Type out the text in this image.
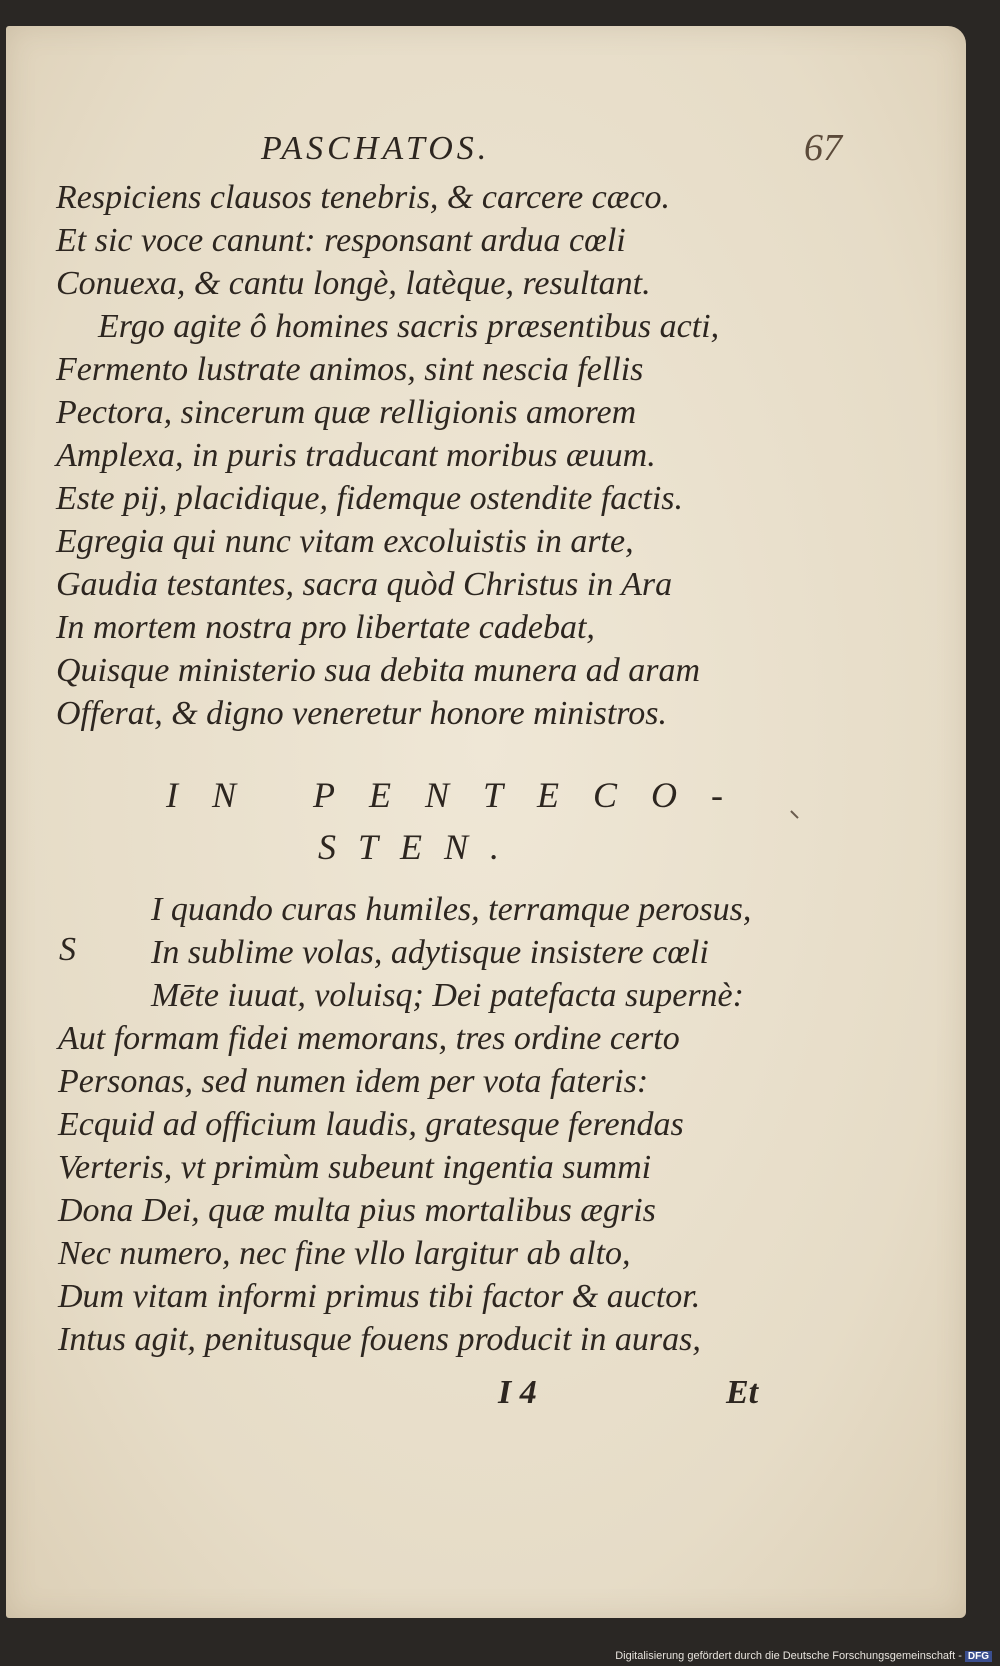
PASCHATOS.	67
Respiciens clausos tenebris, & carcere cæco.
Et sic voce canunt: responsant ardua cœli
Conuexa, & cantu longè, latèque, resultant.
Ergo agite ô homines sacris præsentibus acti,
Fermento lustrate animos, sint nescia fellis
Pectora, sincerum quæ relligionis amorem
Amplexa, in puris traducant moribus æuum.
Este pij, placidique, fidemque ostendite factis.
Egregia qui nunc vitam excoluistis in arte,
Gaudia testantes, sacra quòd Christus in Ara
In mortem nostra pro libertate cadebat,
Quisque ministerio sua debita munera ad aram
Offerat, & digno veneretur honore ministros.
IN PENTECO-
STEN.
S
I quando curas humiles, terramque perosus,
In sublime volas, adytisque insistere cœli
Mēte iuuat, voluisq; Dei patefacta supernè:
Aut formam fidei memorans, tres ordine certo
Personas, sed numen idem per vota fateris:
Ecquid ad officium laudis, gratesque ferendas
Verteris, vt primùm subeunt ingentia summi
Dona Dei, quæ multa pius mortalibus ægris
Nec numero, nec fine vllo largitur ab alto,
Dum vitam informi primus tibi factor & auctor.
Intus agit, penitusque fouens producit in auras,
I 4	Et
Digitalisierung gefördert durch die Deutsche Forschungsgemeinschaft - DFG
